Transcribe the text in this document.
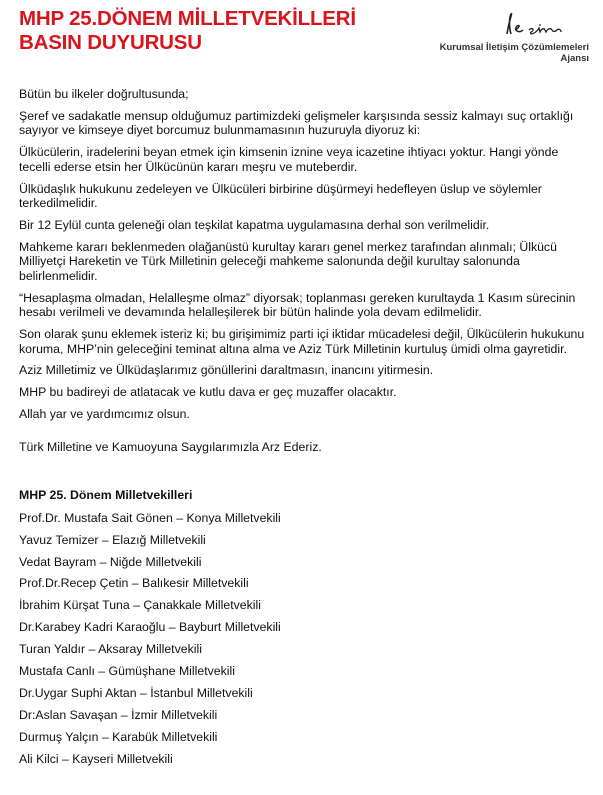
MHP 25.DÖNEM MİLLETVEKİLLERİ
BASIN DUYURUSU	Kurumsal İletişim Çözümlemeleri Ajansı

Bütün bu ilkeler doğrultusunda;

Şeref ve sadakatle mensup olduğumuz partimizdeki gelişmeler karşısında sessiz kalmayı suç ortaklığı sayıyor ve kimseye diyet borcumuz bulunmamasının huzuruyla diyoruz ki:

Ülkücülerin, iradelerini beyan etmek için kimsenin iznine veya icazetine ihtiyacı yoktur. Hangi yönde tecelli ederse etsin her Ülkücünün kararı meşru ve muteberdir.

Ülküdaşlık hukukunu zedeleyen ve Ülkücüleri birbirine düşürmeyi hedefleyen üslup ve söylemler terkedilmelidir.

Bir 12 Eylül cunta geleneği olan teşkilat kapatma uygulamasına derhal son verilmelidir.

Mahkeme kararı beklenmeden olağanüstü kurultay kararı genel merkez tarafından alınmalı; Ülkücü Milliyetçi Hareketin ve Türk Milletinin geleceği mahkeme salonunda değil kurultay salonunda belirlenmelidir.

“Hesaplaşma olmadan, Helalleşme olmaz” diyorsak; toplanması gereken kurultayda 1 Kasım sürecinin hesabı verilmeli ve devamında helalleşilerek bir bütün halinde yola devam edilmelidir.

Son olarak şunu eklemek isteriz ki; bu girişimimiz parti içi iktidar mücadelesi değil, Ülkücülerin hukukunu koruma, MHP’nin geleceğini teminat altına alma ve Aziz Türk Milletinin kurtuluş ümidi olma gayretidir.

Aziz Milletimiz ve Ülküdaşlarımız gönüllerini daraltmasın, inancını yitirmesin.

MHP bu badireyi de atlatacak ve kutlu dava er geç muzaffer olacaktır.

Allah yar ve yardımcımız olsun.

Türk Milletine ve Kamuoyuna Saygılarımızla Arz Ederiz.

MHP 25. Dönem Milletvekilleri

Prof.Dr. Mustafa Sait Gönen – Konya Milletvekili
Yavuz Temizer – Elazığ Milletvekili
Vedat Bayram – Niğde Milletvekili
Prof.Dr.Recep Çetin – Balıkesir Milletvekili
İbrahim Kürşat Tuna – Çanakkale Milletvekili
Dr.Karabey Kadri Karaoğlu – Bayburt Milletvekili
Turan Yaldır – Aksaray Milletvekili
Mustafa Canlı – Gümüşhane Milletvekili
Dr.Uygar Suphi Aktan – İstanbul Milletvekili
Dr:Aslan Savaşan – İzmir Milletvekili
Durmuş Yalçın – Karabük Milletvekili
Ali Kilci – Kayseri Milletvekili
